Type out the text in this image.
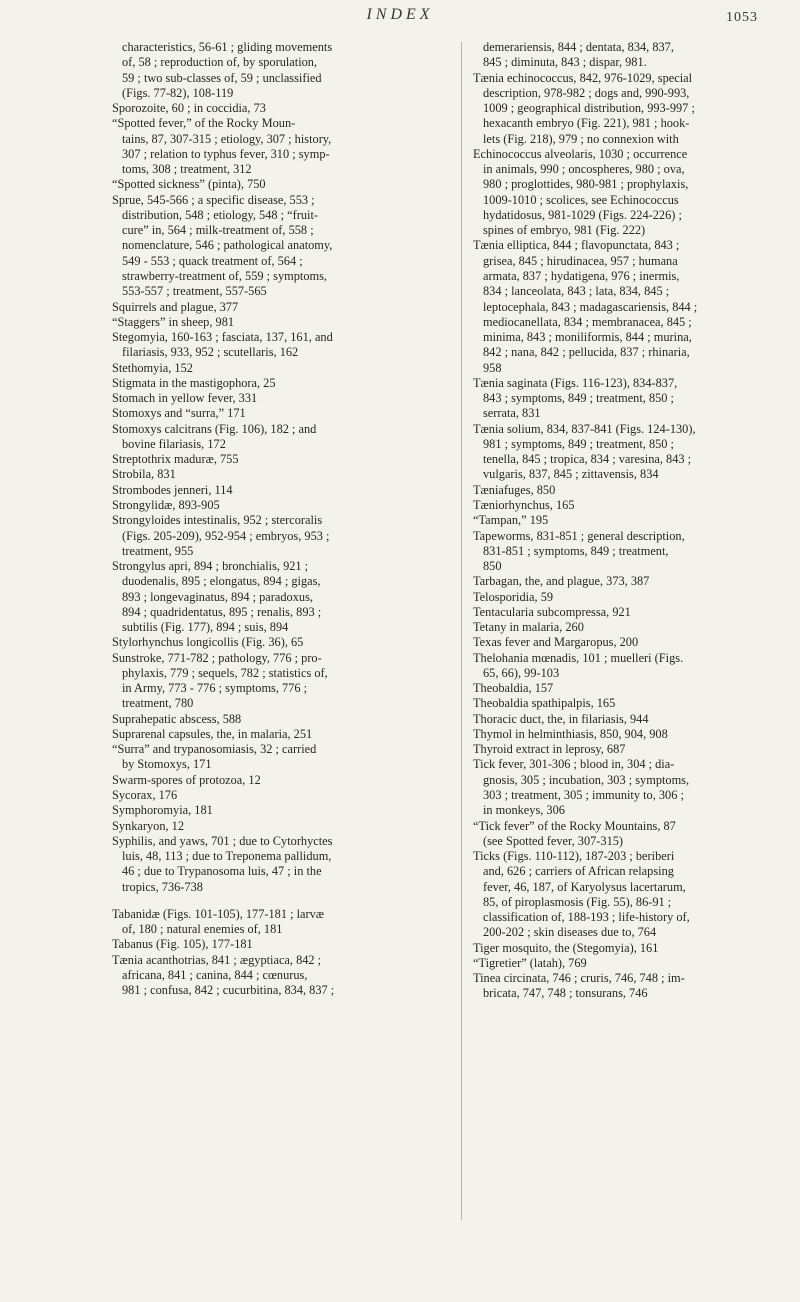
INDEX	1053
characteristics, 56-61 ; gliding movements
of, 58 ; reproduction of, by sporulation,
59 ; two sub-classes of, 59 ; unclassified
(Figs. 77-82), 108-119
Sporozoite, 60 ; in coccidia, 73
“Spotted fever,” of the Rocky Moun-
tains, 87, 307-315 ; etiology, 307 ; history,
307 ; relation to typhus fever, 310 ; symp-
toms, 308 ; treatment, 312
“Spotted sickness” (pinta), 750
Sprue, 545-566 ; a specific disease, 553 ;
distribution, 548 ; etiology, 548 ; “fruit-
cure” in, 564 ; milk-treatment of, 558 ;
nomenclature, 546 ; pathological anatomy,
549 - 553 ; quack treatment of, 564 ;
strawberry-treatment of, 559 ; symptoms,
553-557 ; treatment, 557-565
Squirrels and plague, 377
“Staggers” in sheep, 981
Stegomyia, 160-163 ; fasciata, 137, 161, and
filariasis, 933, 952 ; scutellaris, 162
Stethomyia, 152
Stigmata in the mastigophora, 25
Stomach in yellow fever, 331
Stomoxys and “surra,” 171
Stomoxys calcitrans (Fig. 106), 182 ; and
bovine filariasis, 172
Streptothrix maduræ, 755
Strobila, 831
Strombodes jenneri, 114
Strongylidæ, 893-905
Strongyloides intestinalis, 952 ; stercoralis
(Figs. 205-209), 952-954 ; embryos, 953 ;
treatment, 955
Strongylus apri, 894 ; bronchialis, 921 ;
duodenalis, 895 ; elongatus, 894 ; gigas,
893 ; longevaginatus, 894 ; paradoxus,
894 ; quadridentatus, 895 ; renalis, 893 ;
subtilis (Fig. 177), 894 ; suis, 894
Stylorhynchus longicollis (Fig. 36), 65
Sunstroke, 771-782 ; pathology, 776 ; pro-
phylaxis, 779 ; sequels, 782 ; statistics of,
in Army, 773 - 776 ; symptoms, 776 ;
treatment, 780
Suprahepatic abscess, 588
Suprarenal capsules, the, in malaria, 251
“Surra” and trypanosomiasis, 32 ; carried
by Stomoxys, 171
Swarm-spores of protozoa, 12
Sycorax, 176
Symphoromyia, 181
Synkaryon, 12
Syphilis, and yaws, 701 ; due to Cytorhyctes
luis, 48, 113 ; due to Treponema pallidum,
46 ; due to Trypanosoma luis, 47 ; in the
tropics, 736-738
Tabanidæ (Figs. 101-105), 177-181 ; larvæ
of, 180 ; natural enemies of, 181
Tabanus (Fig. 105), 177-181
Tænia acanthotrias, 841 ; ægyptiaca, 842 ;
africana, 841 ; canina, 844 ; cœnurus,
981 ; confusa, 842 ; cucurbitina, 834, 837 ;
demerariensis, 844 ; dentata, 834, 837,
845 ; diminuta, 843 ; dispar, 981.
Tænia echinococcus, 842, 976-1029, special
description, 978-982 ; dogs and, 990-993,
1009 ; geographical distribution, 993-997 ;
hexacanth embryo (Fig. 221), 981 ; hook-
lets (Fig. 218), 979 ; no connexion with
Echinococcus alveolaris, 1030 ; occurrence
in animals, 990 ; oncospheres, 980 ; ova,
980 ; proglottides, 980-981 ; prophylaxis,
1009-1010 ; scolices, see Echinococcus
hydatidosus, 981-1029 (Figs. 224-226) ;
spines of embryo, 981 (Fig. 222)
Tænia elliptica, 844 ; flavopunctata, 843 ;
grisea, 845 ; hirudinacea, 957 ; humana
armata, 837 ; hydatigena, 976 ; inermis,
834 ; lanceolata, 843 ; lata, 834, 845 ;
leptocephala, 843 ; madagascariensis, 844 ;
mediocanellata, 834 ; membranacea, 845 ;
minima, 843 ; moniliformis, 844 ; murina,
842 ; nana, 842 ; pellucida, 837 ; rhinaria,
958
Tænia saginata (Figs. 116-123), 834-837,
843 ; symptoms, 849 ; treatment, 850 ;
serrata, 831
Tænia solium, 834, 837-841 (Figs. 124-130),
981 ; symptoms, 849 ; treatment, 850 ;
tenella, 845 ; tropica, 834 ; varesina, 843 ;
vulgaris, 837, 845 ; zittavensis, 834
Tæniafuges, 850
Tæniorhynchus, 165
“Tampan,” 195
Tapeworms, 831-851 ; general description,
831-851 ; symptoms, 849 ; treatment,
850
Tarbagan, the, and plague, 373, 387
Telosporidia, 59
Tentacularia subcompressa, 921
Tetany in malaria, 260
Texas fever and Margaropus, 200
Thelohania mœnadis, 101 ; muelleri (Figs.
65, 66), 99-103
Theobaldia, 157
Theobaldia spathipalpis, 165
Thoracic duct, the, in filariasis, 944
Thymol in helminthiasis, 850, 904, 908
Thyroid extract in leprosy, 687
Tick fever, 301-306 ; blood in, 304 ; dia-
gnosis, 305 ; incubation, 303 ; symptoms,
303 ; treatment, 305 ; immunity to, 306 ;
in monkeys, 306
“Tick fever” of the Rocky Mountains, 87
(see Spotted fever, 307-315)
Ticks (Figs. 110-112), 187-203 ; beriberi
and, 626 ; carriers of African relapsing
fever, 46, 187, of Karyolysus lacertarum,
85, of piroplasmosis (Fig. 55), 86-91 ;
classification of, 188-193 ; life-history of,
200-202 ; skin diseases due to, 764
Tiger mosquito, the (Stegomyia), 161
“Tigretier” (latah), 769
Tinea circinata, 746 ; cruris, 746, 748 ; im-
bricata, 747, 748 ; tonsurans, 746
